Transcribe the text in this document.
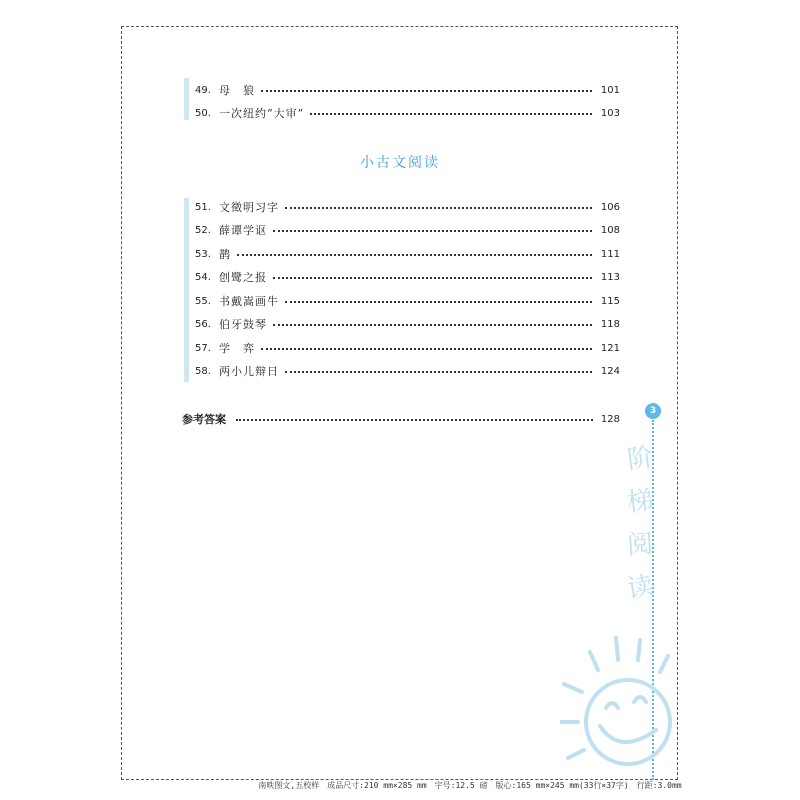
49. 母　狼	101
50. 一次纽约“大审”	103
小古文阅读
51. 文徵明习字	106
52. 薛谭学讴	108
53. 鹊	111
54. 创鹭之报	113
55. 书戴嵩画牛	115
56. 伯牙鼓琴	118
57. 学　弈	121
58. 两小儿辩日	124
参考答案	128
3
阶
梯
阅
读
南昳图文,五校样　成品尺寸:210 mm×285 mm　字号:12.5 磅　版心:165 mm×245 mm(33行×37字)　行距:3.0mm
